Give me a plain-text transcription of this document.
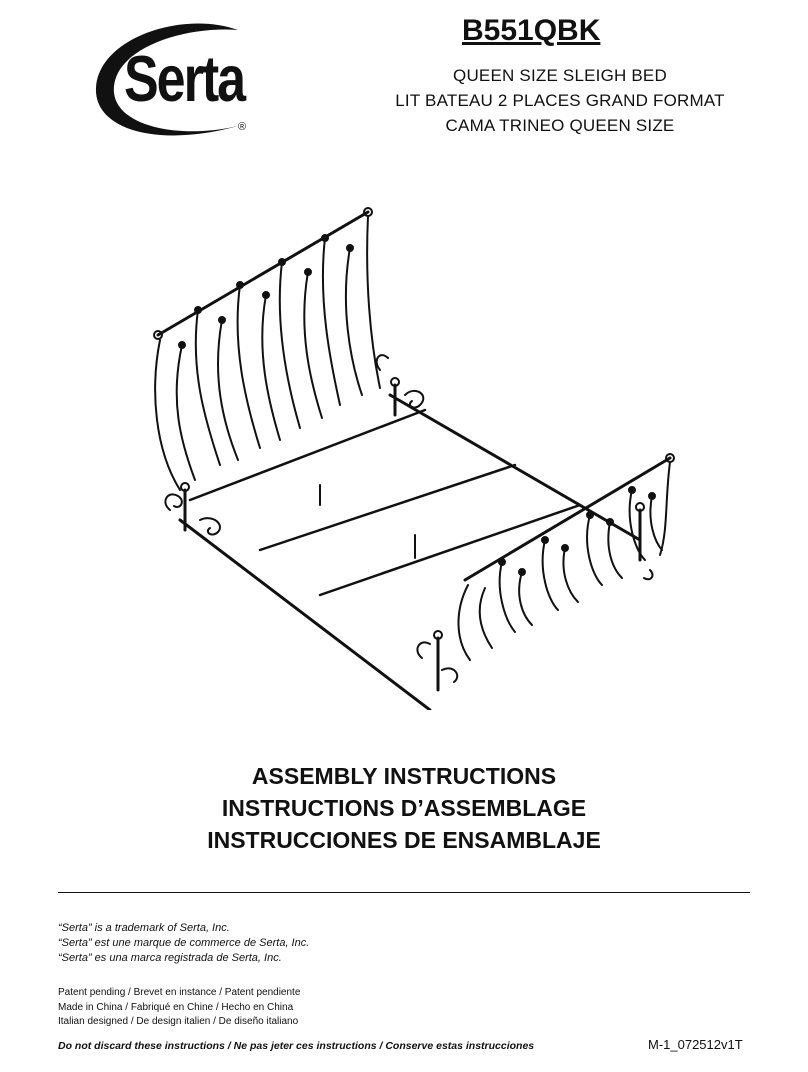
Serta
®
B551QBK
QUEEN SIZE SLEIGH BED
LIT BATEAU 2 PLACES GRAND FORMAT
CAMA TRINEO QUEEN SIZE
ASSEMBLY INSTRUCTIONS
INSTRUCTIONS D’ASSEMBLAGE
INSTRUCCIONES DE ENSAMBLAJE
“Serta” is a trademark of Serta, Inc.
“Serta” est une marque de commerce de Serta, Inc.
“Serta” es una marca registrada de Serta, Inc.
Patent pending / Brevet en instance / Patent pendiente
Made in China / Fabriqué en Chine / Hecho en China
Italian designed / De design italien / De diseño italiano
Do not discard these instructions / Ne pas jeter ces instructions / Conserve estas instrucciones	M-1_072512v1T
